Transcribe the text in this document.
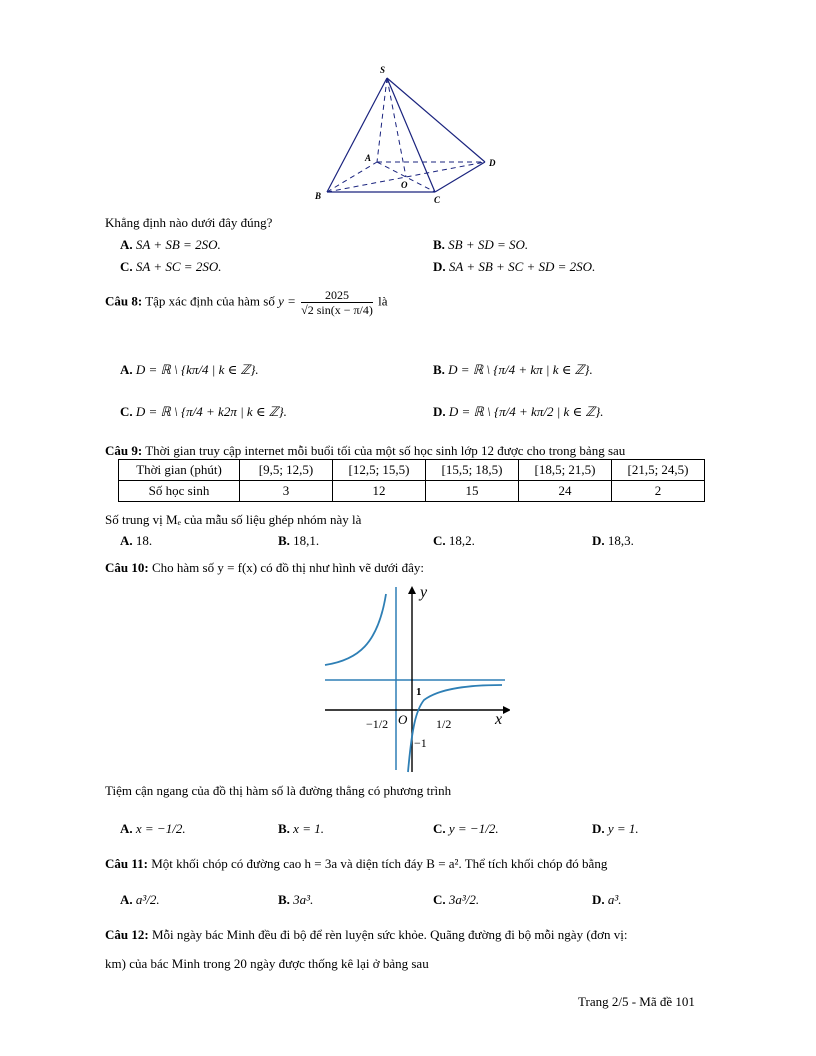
S
A
B	C
D
O
Khẳng định nào dưới đây đúng?
A. SA + SB = 2SO.	B. SB + SD = SO.
C. SA + SC = 2SO.	D. SA + SB + SC + SD = 2SO.
Câu 8: Tập xác định của hàm số $y = \frac{2025}{√2 \sin(x - \pi/4)}$ là
A. D = ℝ \ {kπ/4 | k ∈ ℤ}.	B. D = ℝ \ {π/4 + kπ | k ∈ ℤ}.
C. D = ℝ \ {π/4 + k2π | k ∈ ℤ}.	D. D = ℝ \ {π/4 + kπ/2 | k ∈ ℤ}.
Câu 9: Thời gian truy cập internet mỗi buổi tối của một số học sinh lớp 12 được cho trong bảng sau
Thời gian (phút)	[9,5; 12,5)	[12,5; 15,5)	[15,5; 18,5)	[18,5; 21,5)	[21,5; 24,5)
Số học sinh	3	12	15	24	2
Số trung vị Mₑ của mẫu số liệu ghép nhóm này là
A. 18.	B. 18,1.	C. 18,2.	D. 18,3.
Câu 10: Cho hàm số y = f(x) có đồ thị như hình vẽ dưới đây:
y
x
O
1
−1/2	1/2
−1
Tiệm cận ngang của đồ thị hàm số là đường thẳng có phương trình
A. x = −1/2.	B. x = 1.	C. y = −1/2.	D. y = 1.
Câu 11: Một khối chóp có đường cao h = 3a và diện tích đáy B = a². Thể tích khối chóp đó bằng
A. a³/2.	B. 3a³.	C. 3a³/2.	D. a³.
Câu 12: Mỗi ngày bác Minh đều đi bộ để rèn luyện sức khỏe. Quãng đường đi bộ mỗi ngày (đơn vị:
km) của bác Minh trong 20 ngày được thống kê lại ở bảng sau
Trang 2/5 - Mã đề 101
